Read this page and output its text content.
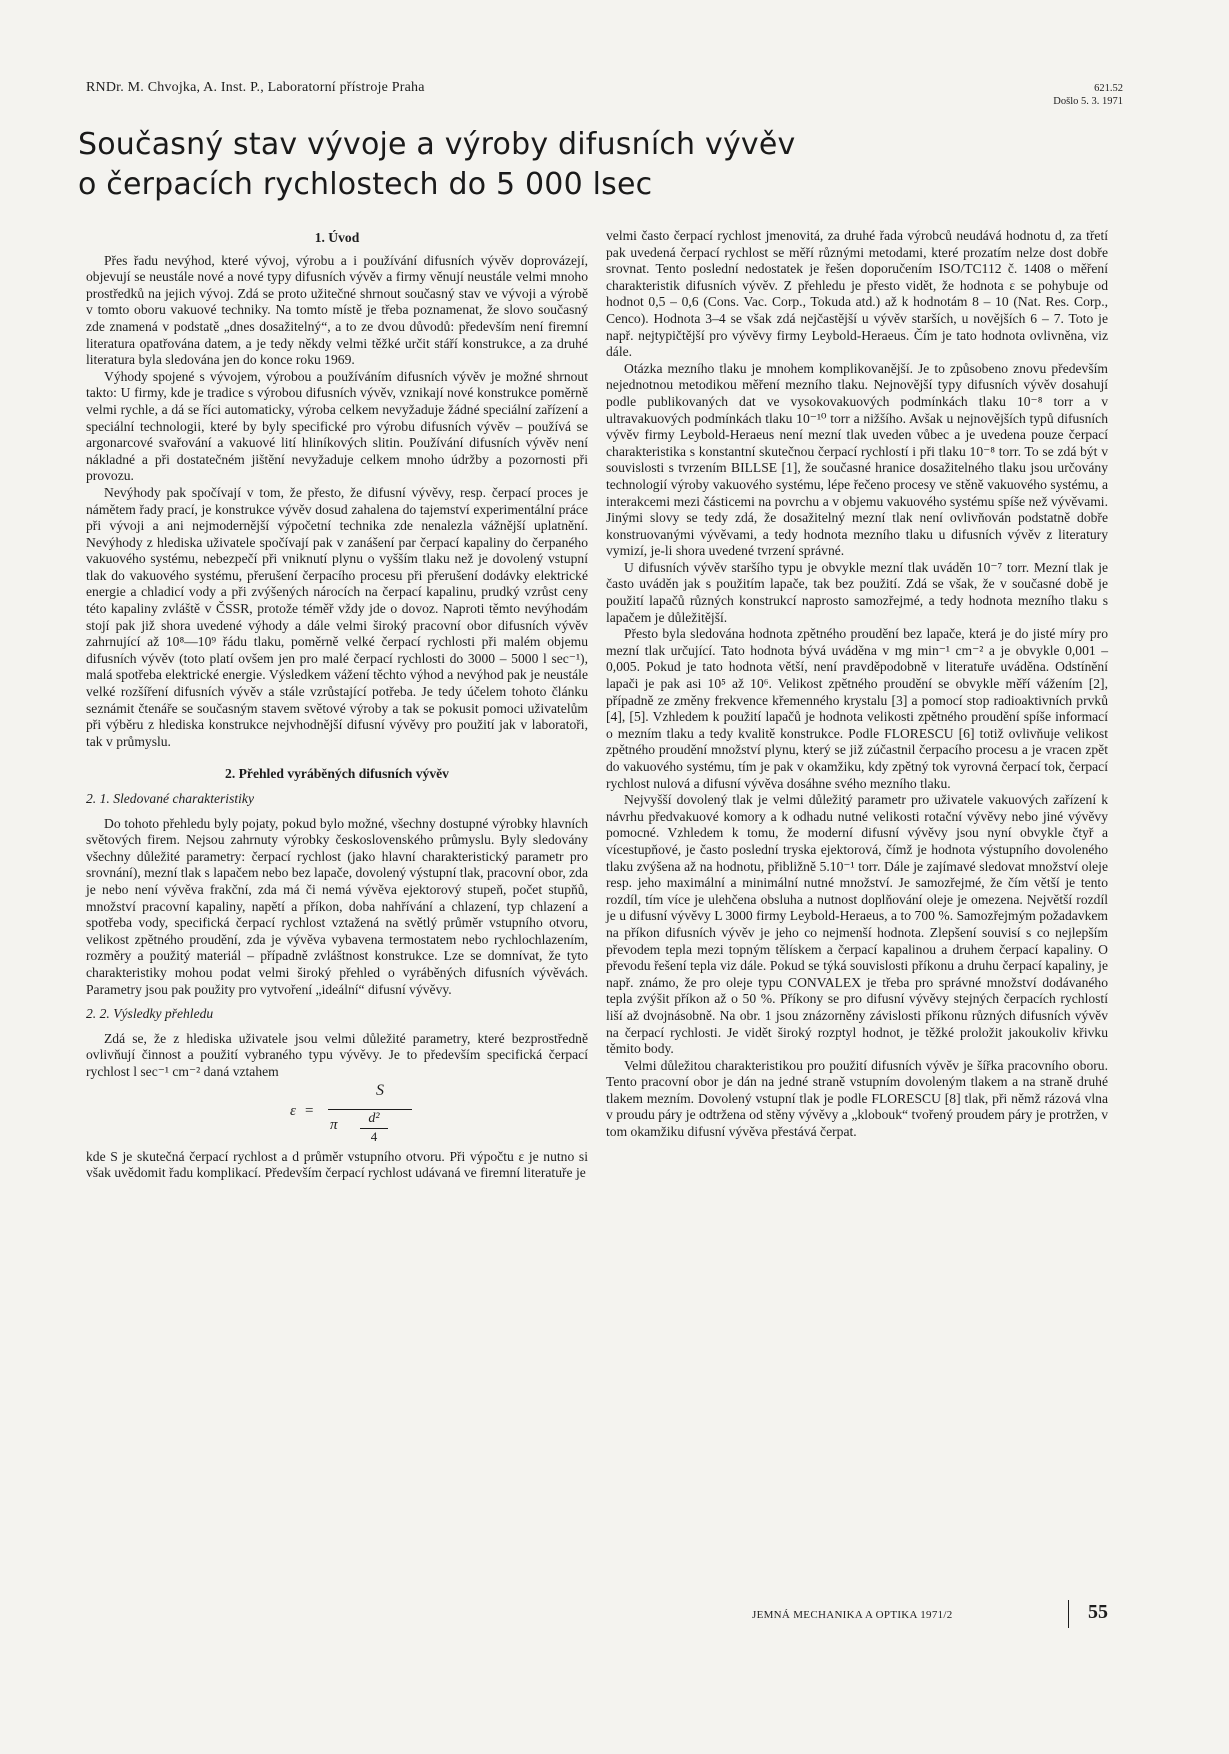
RNDr. M. Chvojka, A. Inst. P., Laboratorní přístroje Praha	621.52
Došlo 5. 3. 1971
Současný stav vývoje a výroby difusních vývěv
o čerpacích rychlostech do 5 000 lsec
1. Úvod

Přes řadu nevýhod, které vývoj, výrobu a i používání difusních vývěv doprovázejí, objevují se neustále nové a nové typy difusních vývěv a firmy věnují neustále velmi mnoho prostředků na jejich vývoj. Zdá se proto užitečné shrnout současný stav ve vývoji a výrobě v tomto oboru vakuové techniky. Na tomto místě je třeba poznamenat, že slovo současný zde znamená v podstatě „dnes dosažitelný“, a to ze dvou důvodů: především není firemní literatura opatřována datem, a je tedy někdy velmi těžké určit stáří konstrukce, a za druhé literatura byla sledována jen do konce roku 1969.

Výhody spojené s vývojem, výrobou a používáním difusních vývěv je možné shrnout takto: U firmy, kde je tradice s výrobou difusních vývěv, vznikají nové konstrukce poměrně velmi rychle, a dá se říci automaticky, výroba celkem nevyžaduje žádné speciální zařízení a speciální technologii, které by byly specifické pro výrobu difusních vývěv – používá se argonarcové svařování a vakuové lití hliníkových slitin. Používání difusních vývěv není nákladné a při dostatečném jištění nevyžaduje celkem mnoho údržby a pozornosti při provozu.

Nevýhody pak spočívají v tom, že přesto, že difusní vývěvy, resp. čerpací proces je námětem řady prací, je konstrukce vývěv dosud zahalena do tajemství experimentální práce při vývoji a ani nejmodernější výpočetní technika zde nenalezla vážnější uplatnění. Nevýhody z hlediska uživatele spočívají pak v zanášení par čerpací kapaliny do čerpaného vakuového systému, nebezpečí při vniknutí plynu o vyšším tlaku než je dovolený vstupní tlak do vakuového systému, přerušení čerpacího procesu při přerušení dodávky elektrické energie a chladicí vody a při zvýšených nárocích na čerpací kapalinu, prudký vzrůst ceny této kapaliny zvláště v ČSSR, protože téměř vždy jde o dovoz. Naproti těmto nevýhodám stojí pak již shora uvedené výhody a dále velmi široký pracovní obor difusních vývěv zahrnující až 10⁸—10⁹ řádu tlaku, poměrně velké čerpací rychlosti při malém objemu difusních vývěv (toto platí ovšem jen pro malé čerpací rychlosti do 3000 – 5000 l sec⁻¹), malá spotřeba elektrické energie. Výsledkem vážení těchto výhod a nevýhod pak je neustále velké rozšíření difusních vývěv a stále vzrůstající potřeba. Je tedy účelem tohoto článku seznámit čtenáře se současným stavem světové výroby a tak se pokusit pomoci uživatelům při výběru z hlediska konstrukce nejvhodnější difusní vývěvy pro použití jak v laboratoři, tak v průmyslu.

2. Přehled vyráběných difusních vývěv
2. 1. Sledované charakteristiky

Do tohoto přehledu byly pojaty, pokud bylo možné, všechny dostupné výrobky hlavních světových firem. Nejsou zahrnuty výrobky československého průmyslu. Byly sledovány všechny důležité parametry: čerpací rychlost (jako hlavní charakteristický parametr pro srovnání), mezní tlak s lapačem nebo bez lapače, dovolený výstupní tlak, pracovní obor, zda je nebo není vývěva frakční, zda má či nemá vývěva ejektorový stupeň, počet stupňů, množství pracovní kapaliny, napětí a příkon, doba nahřívání a chlazení, typ chlazení a spotřeba vody, specifická čerpací rychlost vztažená na světlý průměr vstupního otvoru, velikost zpětného proudění, zda je vývěva vybavena termostatem nebo rychlochlazením, rozměry a použitý materiál – případně zvláštnost konstrukce. Lze se domnívat, že tyto charakteristiky mohou podat velmi široký přehled o vyráběných difusních vývěvách. Parametry jsou pak použity pro vytvoření „ideální“ difusní vývěvy.

2. 2. Výsledky přehledu

Zdá se, že z hlediska uživatele jsou velmi důležité parametry, které bezprostředně ovlivňují činnost a použití vybraného typu vývěvy. Je to především specifická čerpací rychlost l sec⁻¹ cm⁻² daná vztahem

ε =
S
π	d²
4

kde S je skutečná čerpací rychlost a d průměr vstupního otvoru. Při výpočtu ε je nutno si však uvědomit řadu komplikací. Především čerpací rychlost udávaná ve firemní literatuře je

velmi často čerpací rychlost jmenovitá, za druhé řada výrobců neudává hodnotu d, za třetí pak uvedená čerpací rychlost se měří různými metodami, které prozatím nelze dost dobře srovnat. Tento poslední nedostatek je řešen doporučením ISO/TC112 č. 1408 o měření charakteristik difusních vývěv. Z přehledu je přesto vidět, že hodnota ε se pohybuje od hodnot 0,5 – 0,6 (Cons. Vac. Corp., Tokuda atd.) až k hodnotám 8 – 10 (Nat. Res. Corp., Cenco). Hodnota 3–4 se však zdá nejčastější u vývěv starších, u novějších 6 – 7. Toto je např. nejtypičtější pro vývěvy firmy Leybold-Heraeus. Čím je tato hodnota ovlivněna, viz dále.

Otázka mezního tlaku je mnohem komplikovanější. Je to způsobeno znovu především nejednotnou metodikou měření mezního tlaku. Nejnovější typy difusních vývěv dosahují podle publikovaných dat ve vysokovakuových podmínkách tlaku 10⁻⁸ torr a v ultravakuových podmínkách tlaku 10⁻¹⁰ torr a nižšího. Avšak u nejnovějších typů difusních vývěv firmy Leybold-Heraeus není mezní tlak uveden vůbec a je uvedena pouze čerpací charakteristika s konstantní skutečnou čerpací rychlostí i při tlaku 10⁻⁸ torr. To se zdá být v souvislosti s tvrzením BILLSE [1], že současné hranice dosažitelného tlaku jsou určovány technologií výroby vakuového systému, lépe řečeno procesy ve stěně vakuového systému, a interakcemi mezi částicemi na povrchu a v objemu vakuového systému spíše než vývěvami. Jinými slovy se tedy zdá, že dosažitelný mezní tlak není ovlivňován podstatně dobře konstruovanými vývěvami, a tedy hodnota mezního tlaku u difusních vývěv z literatury vymizí, je-li shora uvedené tvrzení správné.

U difusních vývěv staršího typu je obvykle mezní tlak uváděn 10⁻⁷ torr. Mezní tlak je často uváděn jak s použitím lapače, tak bez použití. Zdá se však, že v současné době je použití lapačů různých konstrukcí naprosto samozřejmé, a tedy hodnota mezního tlaku s lapačem je důležitější.

Přesto byla sledována hodnota zpětného proudění bez lapače, která je do jisté míry pro mezní tlak určující. Tato hodnota bývá uváděna v mg min⁻¹ cm⁻² a je obvykle 0,001 – 0,005. Pokud je tato hodnota větší, není pravděpodobně v literatuře uváděna. Odstínění lapači je pak asi 10⁵ až 10⁶. Velikost zpětného proudění se obvykle měří vážením [2], případně ze změny frekvence křemenného krystalu [3] a pomocí stop radioaktivních prvků [4], [5]. Vzhledem k použití lapačů je hodnota velikosti zpětného proudění spíše informací o mezním tlaku a tedy kvalitě konstrukce. Podle FLORESCU [6] totiž ovlivňuje velikost zpětného proudění množství plynu, který se již zúčastnil čerpacího procesu a je vracen zpět do vakuového systému, tím je pak v okamžiku, kdy zpětný tok vyrovná čerpací tok, čerpací rychlost nulová a difusní vývěva dosáhne svého mezního tlaku.

Nejvyšší dovolený tlak je velmi důležitý parametr pro uživatele vakuových zařízení k návrhu předvakuové komory a k odhadu nutné velikosti rotační vývěvy nebo jiné vývěvy pomocné. Vzhledem k tomu, že moderní difusní vývěvy jsou nyní obvykle čtyř a vícestupňové, je často poslední tryska ejektorová, čímž je hodnota výstupního dovoleného tlaku zvýšena až na hodnotu, přibližně 5.10⁻¹ torr. Dále je zajímavé sledovat množství oleje resp. jeho maximální a minimální nutné množství. Je samozřejmé, že čím větší je tento rozdíl, tím více je ulehčena obsluha a nutnost doplňování oleje je omezena. Největší rozdíl je u difusní vývěvy L 3000 firmy Leybold-Heraeus, a to 700 %. Samozřejmým požadavkem na příkon difusních vývěv je jeho co nejmenší hodnota. Zlepšení souvisí s co nejlepším převodem tepla mezi topným tělískem a čerpací kapalinou a druhem čerpací kapaliny. O převodu řešení tepla viz dále. Pokud se týká souvislosti příkonu a druhu čerpací kapaliny, je např. známo, že pro oleje typu CONVALEX je třeba pro správné množství dodávaného tepla zvýšit příkon až o 50 %. Příkony se pro difusní vývěvy stejných čerpacích rychlostí liší až dvojnásobně. Na obr. 1 jsou znázorněny závislosti příkonu různých difusních vývěv na čerpací rychlosti. Je vidět široký rozptyl hodnot, je těžké proložit jakoukoliv křivku těmito body.

Velmi důležitou charakteristikou pro použití difusních vývěv je šířka pracovního oboru. Tento pracovní obor je dán na jedné straně vstupním dovoleným tlakem a na straně druhé tlakem mezním. Dovolený vstupní tlak je podle FLORESCU [8] tlak, při němž rázová vlna v proudu páry je odtržena od stěny vývěvy a „klobouk“ tvořený proudem páry je protržen, v tom okamžiku difusní vývěva přestává čerpat.

JEMNÁ MECHANIKA A OPTIKA 1971/2	55
